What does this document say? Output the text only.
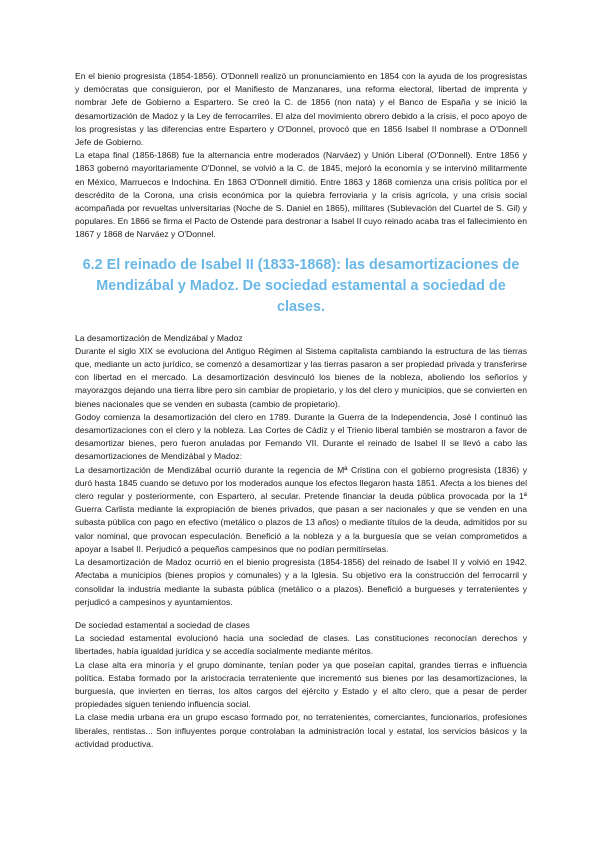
En el bienio progresista (1854-1856). O'Donnell realizó un pronunciamiento en 1854 con la ayuda de los progresistas y demócratas que consiguieron, por el Manifiesto de Manzanares, una reforma electoral, libertad de imprenta y nombrar Jefe de Gobierno a Espartero. Se creó la C. de 1856 (non nata) y el Banco de España y se inició la desamortización de Madoz y la Ley de ferrocarriles. El alza del movimiento obrero debido a la crisis, el poco apoyo de los progresistas y las diferencias entre Espartero y O'Donnel, provocó que en 1856 Isabel II nombrase a O'Donnell Jefe de Gobierno.

La etapa final (1856-1868) fue la alternancia entre moderados (Narváez) y Unión Liberal (O'Donnell). Entre 1856 y 1863 gobernó mayoritariamente O'Donnel, se volvió a la C. de 1845, mejoró la economía y se intervinó militarmente en México, Marruecos e Indochina. En 1863 O'Donnell dimitió. Entre 1863 y 1868 comienza una crisis política por el descrédito de la Corona, una crisis económica por la quiebra ferroviaria y la crisis agrícola, y una crisis social acompañada por revueltas universitarias (Noche de S. Daniel en 1865), militares (Sublevación del Cuartel de S. Gil) y populares. En 1866 se firma el Pacto de Ostende para destronar a Isabel II cuyo reinado acaba tras el fallecimiento en 1867 y 1868 de Narváez y O'Donnel.

6.2 El reinado de Isabel II (1833-1868): las desamortizaciones de Mendizábal y Madoz. De sociedad estamental a sociedad de clases.

La desamortización de Mendizábal y Madoz

Durante el siglo XIX se evoluciona del Antiguo Régimen al Sistema capitalista cambiando la estructura de las tierras que, mediante un acto jurídico, se comenzó a desamortizar y las tierras pasaron a ser propiedad privada y transferirse con libertad en el mercado. La desamortización desvinculó los bienes de la nobleza, aboliendo los señoríos y mayorazgos dejando una tierra libre pero sin cambiar de propietario, y los del clero y municipios, que se convierten en bienes nacionales que se venden en subasta (cambio de propietario).

Godoy comienza la desamortización del clero en 1789. Durante la Guerra de la Independencia, José I continuó las desamortizaciones con el clero y la nobleza. Las Cortes de Cádiz y el Trienio liberal también se mostraron a favor de desamortizar bienes, pero fueron anuladas por Fernando VII. Durante el reinado de Isabel II se llevó a cabo las desamortizaciones de Mendizábal y Madoz:

La desamortización de Mendizábal ocurrió durante la regencia de Mª Cristina con el gobierno progresista (1836) y duró hasta 1845 cuando se detuvo por los moderados aunque los efectos llegaron hasta 1851. Afecta a los bienes del clero regular y posteriormente, con Espartero, al secular. Pretende financiar la deuda pública provocada por la 1ª Guerra Carlista mediante la expropiación de bienes privados, que pasan a ser nacionales y que se venden en una subasta pública con pago en efectivo (metálico o plazos de 13 años) o mediante títulos de la deuda, admitidos por su valor nominal, que provocan especulación. Benefició a la nobleza y a la burguesía que se veían comprometidos a apoyar a Isabel II. Perjudicó a pequeños campesinos que no podían permitírselas.

La desamortización de Madoz ocurrió en el bienio progresista (1854-1856) del reinado de Isabel II y volvió en 1942. Afectaba a municipios (bienes propios y comunales) y a la Iglesia. Su objetivo era la construcción del ferrocarril y consolidar la industria mediante la subasta pública (metálico o a plazos). Benefició a burgueses y terratenientes y perjudicó a campesinos y ayuntamientos.

De sociedad estamental a sociedad de clases

La sociedad estamental evolucionó hacia una sociedad de clases. Las constituciones reconocían derechos y libertades, había igualdad jurídica y se accedía socialmente mediante méritos.

La clase alta era minoría y el grupo dominante, tenían poder ya que poseían capital, grandes tierras e influencia política. Estaba formado por la aristocracia terrateniente que incrementó sus bienes por las desamortizaciones, la burguesía, que invierten en tierras, los altos cargos del ejército y Estado y el alto clero, que a pesar de perder propiedades siguen teniendo influencia social.

La clase media urbana era un grupo escaso formado por, no terratenientes, comerciantes, funcionarios, profesiones liberales, rentistas... Son influyentes porque controlaban la administración local y estatal, los servicios básicos y la actividad productiva.
